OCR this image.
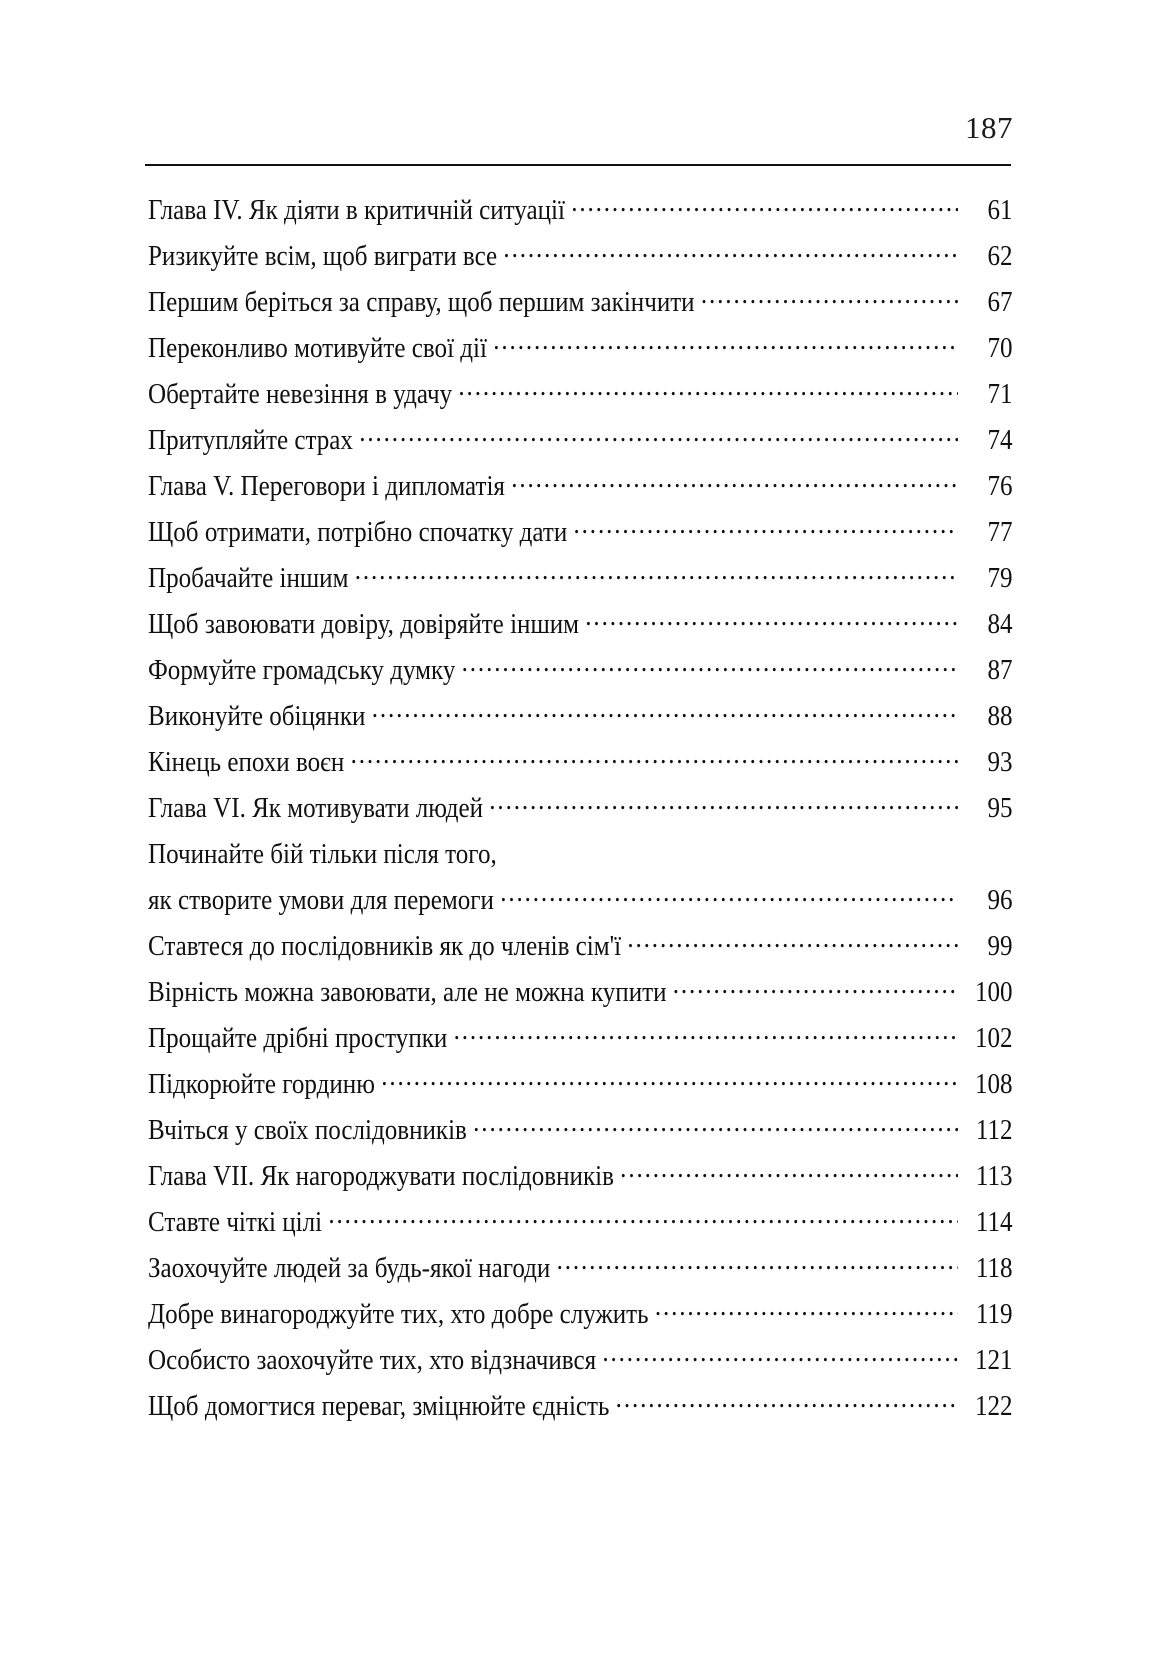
187
Глава IV. Як діяти в критичній ситуації .....	61
Ризикуйте всім, щоб виграти все .....	62
Першим беріться за справу, щоб першим закінчити .....	67
Переконливо мотивуйте свої дії .....	70
Обертайте невезіння в удачу .....	71
Притупляйте страх .....	74
Глава V. Переговори і дипломатія .....	76
Щоб отримати, потрібно спочатку дати .....	77
Пробачайте іншим .....	79
Щоб завоювати довіру, довіряйте іншим .....	84
Формуйте громадську думку .....	87
Виконуйте обіцянки .....	88
Кінець епохи воєн .....	93
Глава VI. Як мотивувати людей .....	95
Починайте бій тільки після того,
як створите умови для перемоги .....	96
Ставтеся до послідовників як до членів сім'ї .....	99
Вірність можна завоювати, але не можна купити .....	100
Прощайте дрібні проступки .....	102
Підкорюйте гординю .....	108
Вчіться у своїх послідовників .....	112
Глава VII. Як нагороджувати послідовників .....	113
Ставте чіткі цілі .....	114
Заохочуйте людей за будь-якої нагоди .....	118
Добре винагороджуйте тих, хто добре служить .....	119
Особисто заохочуйте тих, хто відзначився .....	121
Щоб домогтися переваг, зміцнюйте єдність .....	122
